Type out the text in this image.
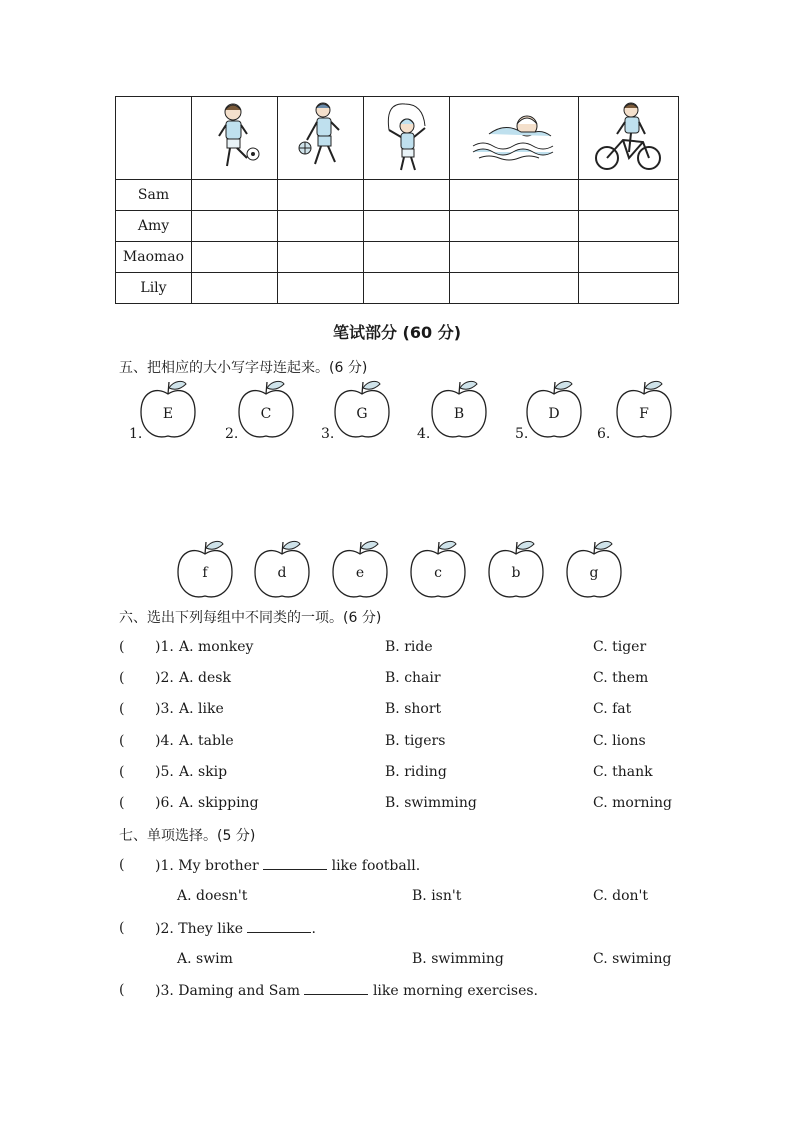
Sam					
Amy					
Maomao					
Lily					
笔试部分 (60 分)
五、把相应的大小写字母连起来。(6 分)
1.
E
2.
C
3.
G
4.
B
5.
D
6.
F
f	d	e	c	b	g
六、选出下列每组中不同类的一项。(6 分)
( )1. A. monkey	B. ride	C. tiger
( )2. A. desk	B. chair	C. them
( )3. A. like	B. short	C. fat
( )4. A. table	B. tigers	C. lions
( )5. A. skip	B. riding	C. thank
( )6. A. skipping	B. swimming	C. morning
七、单项选择。(5 分)
( )1. My brother	like football.
A. doesn't	B. isn't	C. don't
( )2. They like	.
A. swim	B. swimming	C. swiming
( )3. Daming and Sam	like morning exercises.
